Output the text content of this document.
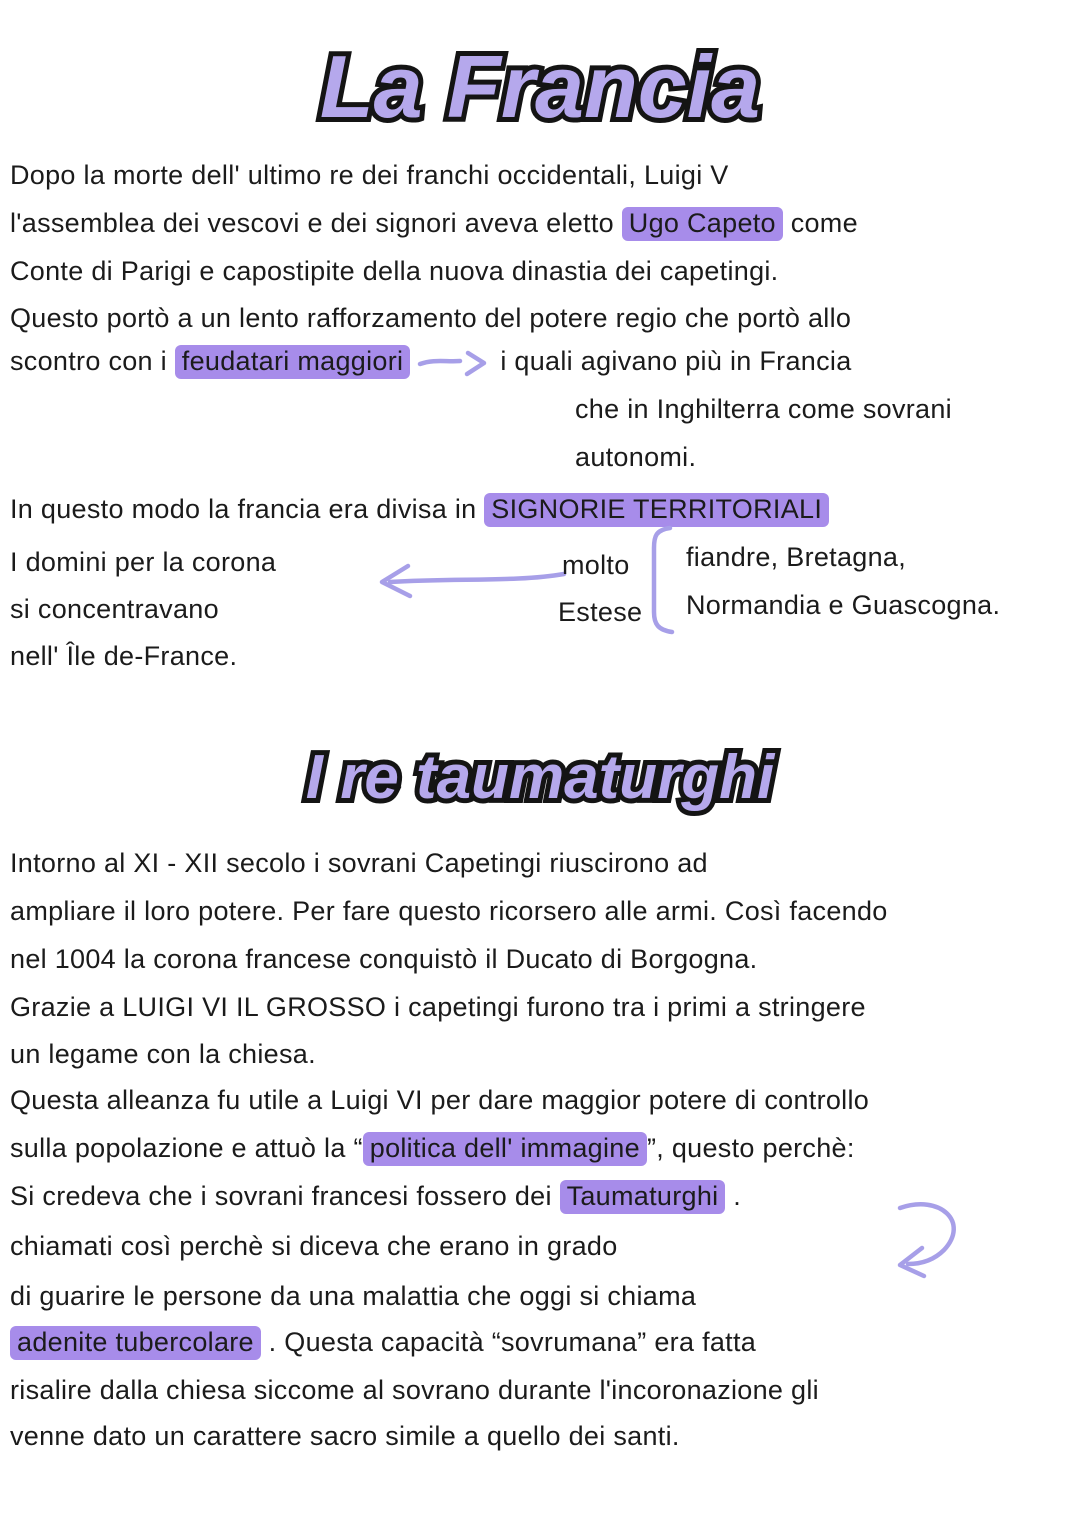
La Francia La Francia
Dopo la morte dell' ultimo re dei franchi occidentali, Luigi V
l'assemblea dei vescovi e dei signori aveva eletto Ugo Capeto come
Conte di Parigi e capostipite della nuova dinastia dei capetingi.
Questo portò a un lento rafforzamento del potere regio che portò allo
scontro con i feudatari maggiori	i quali agivano più in Francia
che in Inghilterra come sovrani
autonomi.
In questo modo la francia era divisa in SIGNORIE TERRITORIALI
I domini per la corona
si concentravano
nell' Île de-France.
molto
Estese
fiandre, Bretagna,
Normandia e Guascogna.
I re taumaturghi I re taumaturghi
Intorno al XI - XII secolo i sovrani Capetingi riuscirono ad
ampliare il loro potere. Per fare questo ricorsero alle armi. Così facendo
nel 1004 la corona francese conquistò il Ducato di Borgogna.
Grazie a LUIGI VI IL GROSSO i capetingi furono tra i primi a stringere
un legame con la chiesa.
Questa alleanza fu utile a Luigi VI per dare maggior potere di controllo
sulla popolazione e attuò la “ politica dell' immagine ”, questo perchè:
Si credeva che i sovrani francesi fossero dei Taumaturghi .
chiamati così perchè si diceva che erano in grado
di guarire le persone da una malattia che oggi si chiama
adenite tubercolare . Questa capacità “sovrumana” era fatta
risalire dalla chiesa siccome al sovrano durante l'incoronazione gli
venne dato un carattere sacro simile a quello dei santi.
